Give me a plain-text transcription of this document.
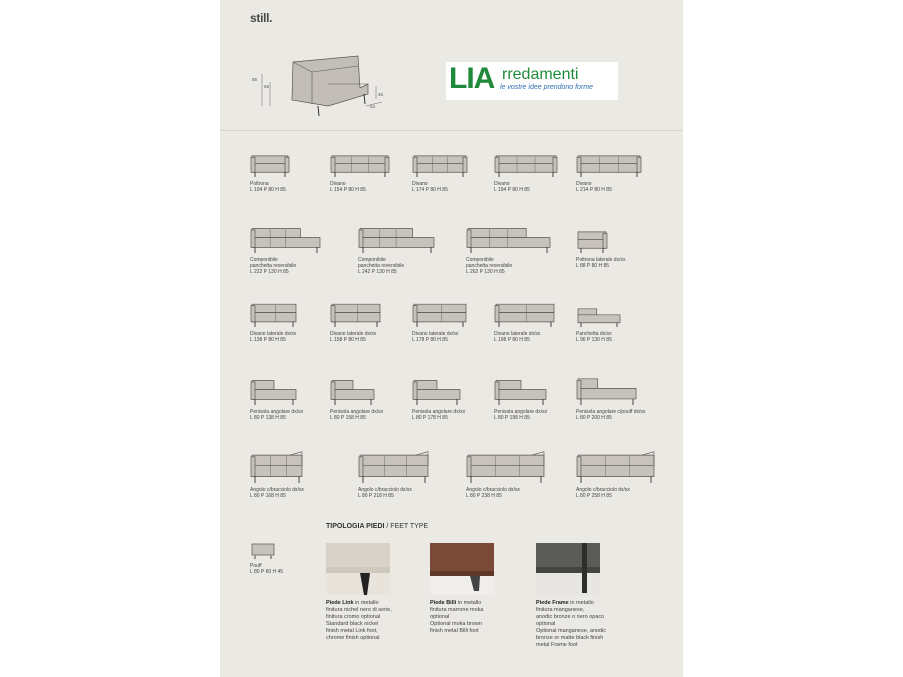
still.
85
65
45
54
LIA rredamenti
le vostre idee prendono forme
Poltrona
L 104 P 80 H 85
Divano
L 154 P 80 H 85
Divano
L 174 P 80 H 85
Divano
L 194 P 80 H 85
Divano
L 214 P 80 H 85
Componibile
panchetta reversibile
L 222 P 130 H 85
Componibile
panchetta reversibile
L 242 P 130 H 85
Componibile
panchetta reversibile
L 262 P 130 H 85
Poltrona laterale dx/sx
L 88 P 80 H 85
Divano laterale dx/sx
L 138 P 80 H 85
Divano laterale dx/sx
L 158 P 80 H 85
Divano laterale dx/sx
L 178 P 80 H 85
Divano laterale dx/sx
L 198 P 80 H 85
Panchetta dx/sx
L 96 P 130 H 85
Penisola angolare dx/sx
L 80 P 138 H 85
Penisola angolare dx/sx
L 80 P 158 H 85
Penisola angolare dx/sx
L 80 P 178 H 85
Penisola angolare dx/sx
L 80 P 198 H 85
Penisola angolare c/pouff dx/sx
L 80 P 200 H 85
Angolo c/bracciolo dx/sx
L 80 P 168 H 85
Angolo c/bracciolo dx/sx
L 80 P 218 H 85
Angolo c/bracciolo dx/sx
L 80 P 238 H 85
Angolo c/bracciolo dx/sx
L 80 P 258 H 85
Pouff
L 80 P 60 H 45
TIPOLOGIA PIEDI / FEET TYPE
Piede Link in metallo
finitura nichel nero di serie,
finitura cromo optional
Standard black nickel
finish metal Link foot,
chrome finish optional
Piede Billi in metallo
finitura marrone moka
optional
Optional moka brown
finish metal Billi foot
Piede Frame in metallo
finitura manganese,
anodic bronze o nero opaco
optional
Optional manganese, anodic
bronze or matte black finish
metal Frame foot
